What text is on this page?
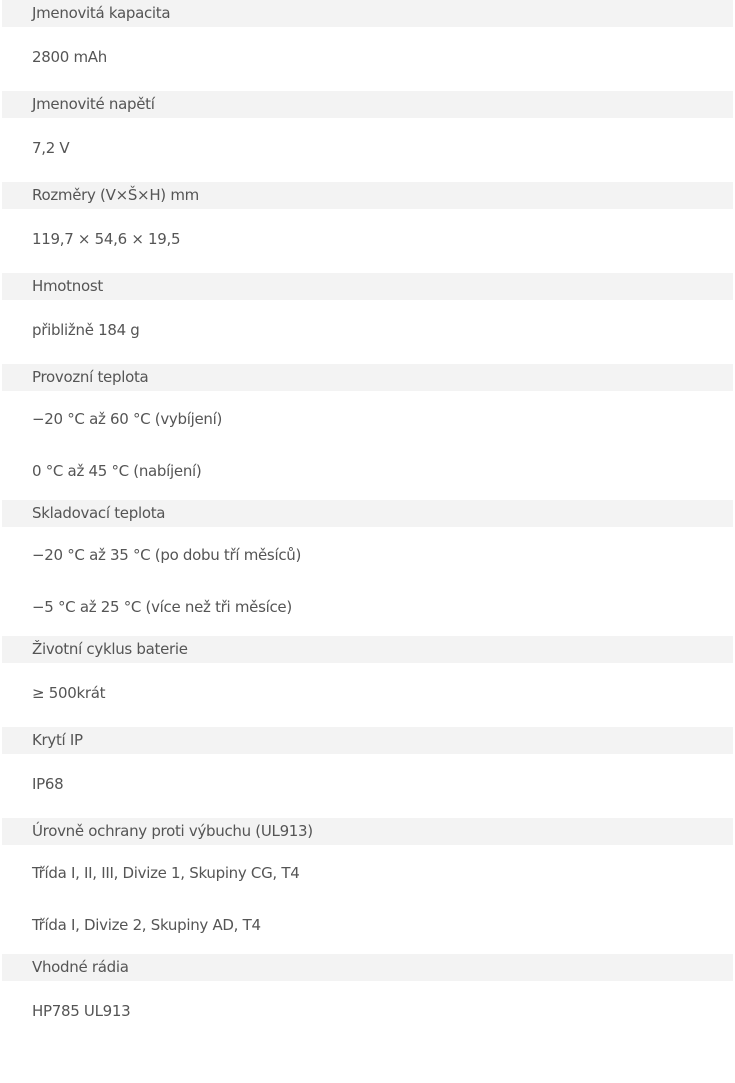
Jmenovitá kapacita
2800 mAh
Jmenovité napětí
7,2 V
Rozměry (V×Š×H) mm
119,7 × 54,6 × 19,5
Hmotnost
přibližně 184 g
Provozní teplota
−20 °C až 60 °C (vybíjení)
0 °C až 45 °C (nabíjení)
Skladovací teplota
−20 °C až 35 °C (po dobu tří měsíců)
−5 °C až 25 °C (více než tři měsíce)
Životní cyklus baterie
≥ 500krát
Krytí IP
IP68
Úrovně ochrany proti výbuchu (UL913)
Třída I, II, III, Divize 1, Skupiny CG, T4
Třída I, Divize 2, Skupiny AD, T4
Vhodné rádia
HP785 UL913
